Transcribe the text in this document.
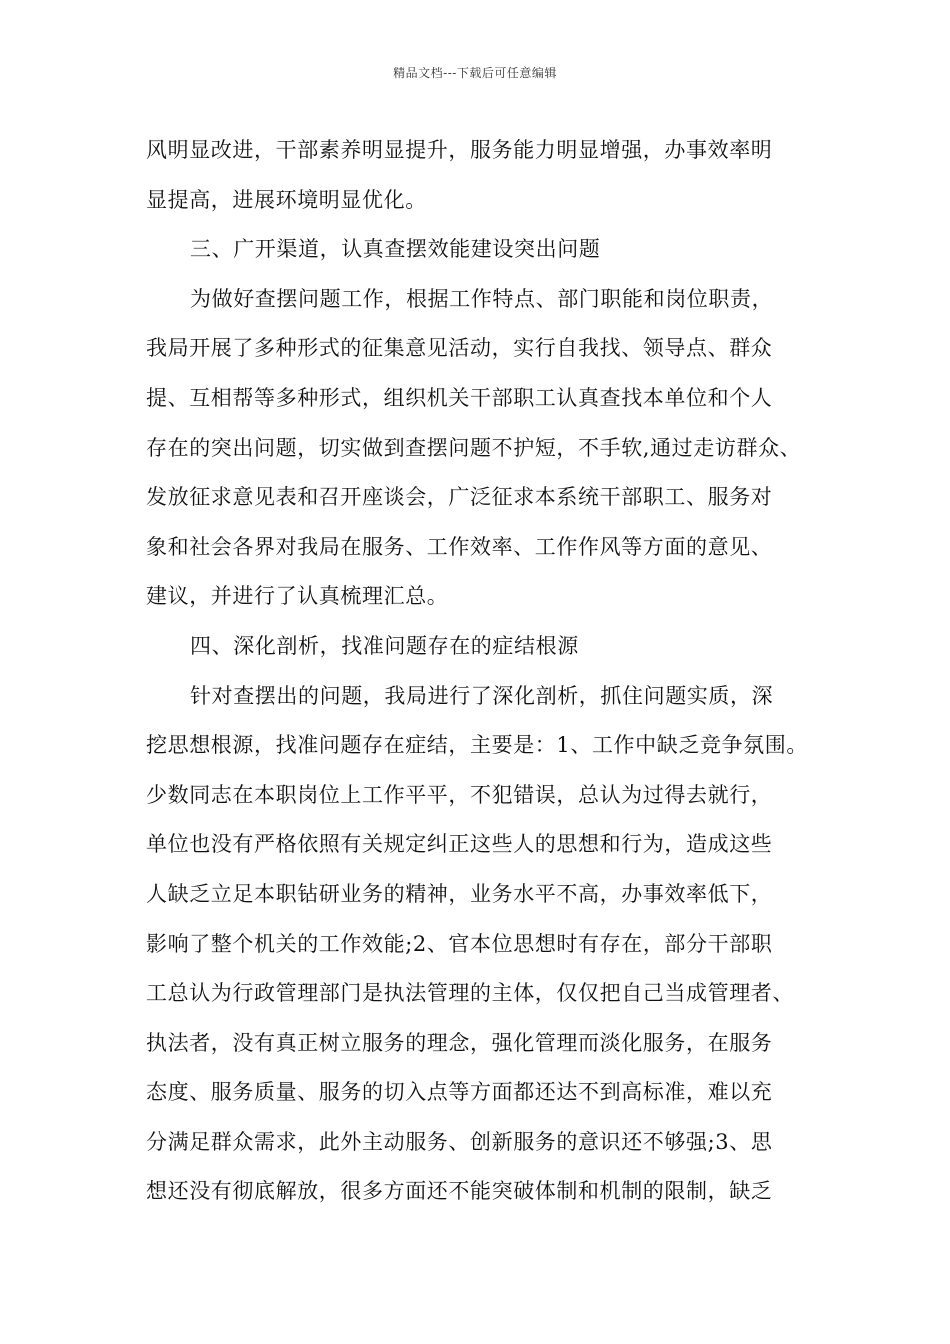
精品文档---下载后可任意编辑
风明显改进，干部素养明显提升，服务能力明显增强，办事效率明
显提高，进展环境明显优化。
三、广开渠道，认真查摆效能建设突出问题
为做好查摆问题工作，根据工作特点、部门职能和岗位职责，
我局开展了多种形式的征集意见活动，实行自我找、领导点、群众
提、互相帮等多种形式，组织机关干部职工认真查找本单位和个人
存在的突出问题，切实做到查摆问题不护短，不手软,通过走访群众、
发放征求意见表和召开座谈会，广泛征求本系统干部职工、服务对
象和社会各界对我局在服务、工作效率、工作作风等方面的意见、
建议，并进行了认真梳理汇总。
四、深化剖析，找准问题存在的症结根源
针对查摆出的问题，我局进行了深化剖析，抓住问题实质，深
挖思想根源，找准问题存在症结，主要是：1、工作中缺乏竞争氛围。
少数同志在本职岗位上工作平平，不犯错误，总认为过得去就行，
单位也没有严格依照有关规定纠正这些人的思想和行为，造成这些
人缺乏立足本职钻研业务的精神，业务水平不高，办事效率低下，
影响了整个机关的工作效能;2、官本位思想时有存在，部分干部职
工总认为行政管理部门是执法管理的主体，仅仅把自己当成管理者、
执法者，没有真正树立服务的理念，强化管理而淡化服务，在服务
态度、服务质量、服务的切入点等方面都还达不到高标准，难以充
分满足群众需求，此外主动服务、创新服务的意识还不够强;3、思
想还没有彻底解放，很多方面还不能突破体制和机制的限制，缺乏
